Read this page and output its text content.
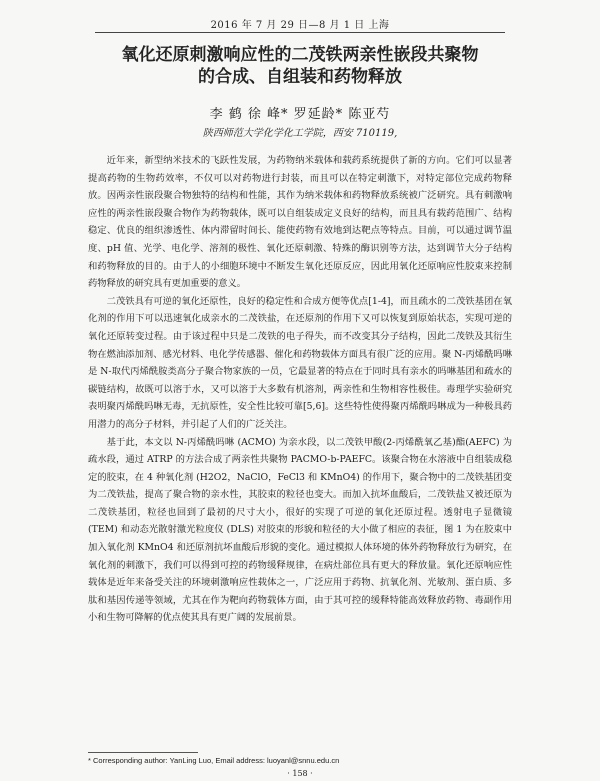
2016 年 7 月 29 日—8 月 1 日 上海
氧化还原刺激响应性的二茂铁两亲性嵌段共聚物
的合成、自组装和药物释放
李 鹤 徐 峰* 罗延龄* 陈亚芍
陕西师范大学化学化工学院，西安 710119,

近年来，新型纳米技术的飞跃性发展，为药物纳米载体和载药系统提供了新的方向。它们可以显著提高药物的生物药效率，不仅可以对药物进行封装，而且可以在特定刺激下，对特定部位完成药物释放。因两亲性嵌段聚合物独特的结构和性能，其作为纳米载体和药物释放系统被广泛研究。具有刺激响应性的两亲性嵌段聚合物作为药物载体，既可以自组装成定义良好的结构，而且具有载药范围广、结构稳定、优良的组织渗透性、体内滞留时间长、能使药物有效地到达靶点等特点。目前，可以通过调节温度、pH 值、光学、电化学、溶剂的极性、氧化还原刺激、特殊的酶识别等方法，达到调节大分子结构和药物释放的目的。由于人的小细胞环境中不断发生氧化还原反应，因此用氧化还原响应性胶束来控制药物释放的研究具有更加重要的意义。

二茂铁具有可逆的氧化还原性，良好的稳定性和合成方便等优点[1-4]，而且疏水的二茂铁基团在氧化剂的作用下可以迅速氧化成亲水的二茂铁盐，在还原剂的作用下又可以恢复到原始状态，实现可逆的氧化还原转变过程。由于该过程中只是二茂铁的电子得失，而不改变其分子结构，因此二茂铁及其衍生物在燃油添加剂、感光材料、电化学传感器、催化和药物载体方面具有很广泛的应用。聚 N-丙烯酰吗啉是 N-取代丙烯酰胺类高分子聚合物家族的一员，它最显著的特点在于同时具有亲水的吗啉基团和疏水的碳链结构，故既可以溶于水，又可以溶于大多数有机溶剂，两亲性和生物相容性极佳。毒理学实验研究表明聚丙烯酰吗啉无毒，无抗原性，安全性比较可靠[5,6]。这些特性使得聚丙烯酰吗啉成为一种极具药用潜力的高分子材料，并引起了人们的广泛关注。

基于此，本文以 N-丙烯酰吗啉 (ACMO) 为亲水段，以二茂铁甲酸(2-丙烯酰氧乙基)酯(AEFC) 为疏水段，通过 ATRP 的方法合成了两亲性共聚物 PACMO-b-PAEFC。该聚合物在水溶液中自组装成稳定的胶束，在 4 种氧化剂 (H2O2，NaClO，FeCl3 和 KMnO4) 的作用下，聚合物中的二茂铁基团变为二茂铁盐，提高了聚合物的亲水性，其胶束的粒径也变大。而加入抗坏血酸后，二茂铁盐又被还原为二茂铁基团，粒径也回到了最初的尺寸大小，很好的实现了可逆的氧化还原过程。透射电子显微镜 (TEM) 和动态光散射激光粒度仪 (DLS) 对胶束的形貌和粒径的大小做了相应的表征，图 1 为在胶束中加入氧化剂 KMnO4 和还原剂抗坏血酸后形貌的变化。通过模拟人体环境的体外药物释放行为研究，在氧化剂的刺激下，我们可以得到可控的药物缓释规律，在病灶部位具有更大的释放量。氧化还原响应性载体是近年来备受关注的环境刺激响应性载体之一，广泛应用于药物、抗氧化剂、光敏剂、蛋白质、多肽和基因传递等领域，尤其在作为靶向药物载体方面，由于其可控的缓释特能高效释放药物、毒副作用小和生物可降解的优点使其具有更广阔的发展前景。

* Corresponding author: YanLing Luo, Email address: luoyanl@snnu.edu.cn
· 158 ·
